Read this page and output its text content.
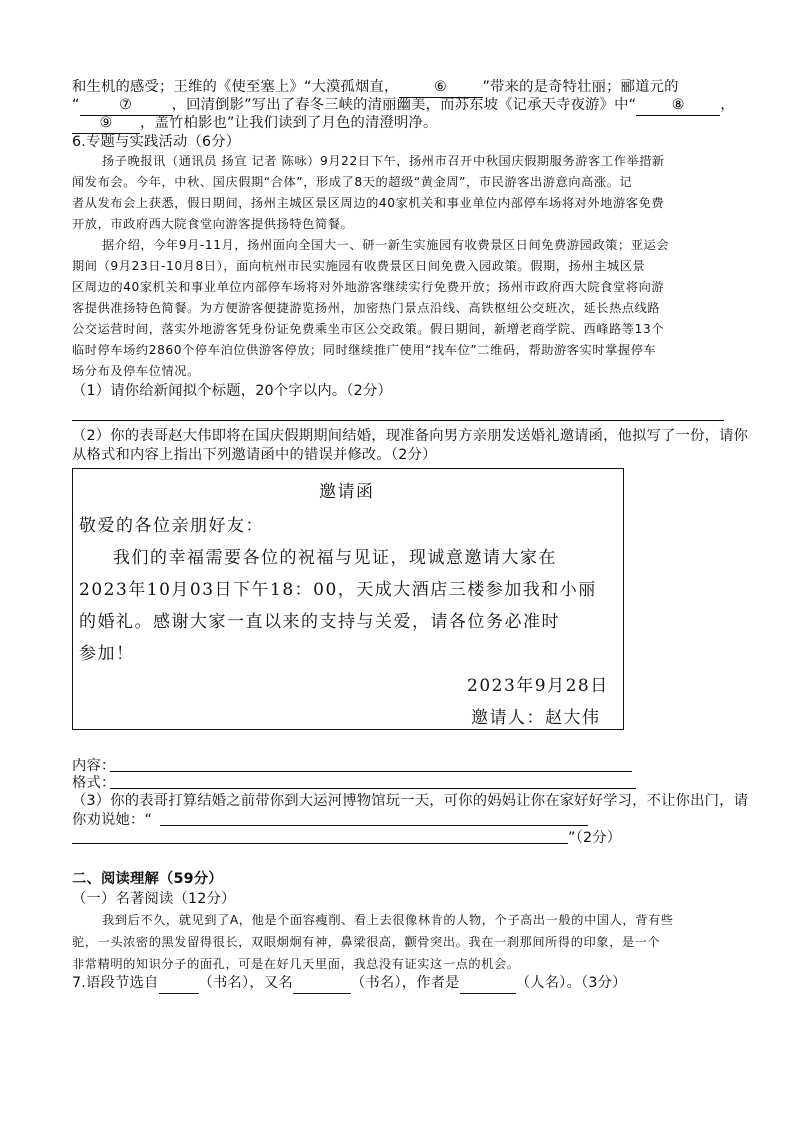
和生机的感受；王维的《使至塞上》“大漠孤烟直， ⑥ ”带来的是奇特壮丽；郦道元的
“	⑦	，回清倒影”写出了春冬三峡的清丽幽美，而苏东坡《记承天寺夜游》中“ ⑧ ，
⑨ ，盖竹柏影也”让我们读到了月色的清澄明净。
6.专题与实践活动（6分）
扬子晚报讯（通讯员 扬宣 记者 陈咏）9月22日下午，扬州市召开中秋国庆假期服务游客工作举措新
闻发布会。今年，中秋、国庆假期“合体”，形成了8天的超级“黄金周”，市民游客出游意向高涨。记
者从发布会上获悉，假日期间，扬州主城区景区周边的40家机关和事业单位内部停车场将对外地游客免费
开放，市政府西大院食堂向游客提供扬特色简餐。
据介绍，今年9月-11月，扬州面向全国大一、研一新生实施园有收费景区日间免费游园政策；亚运会
期间（9月23日-10月8日），面向杭州市民实施园有收费景区日间免费入园政策。假期，扬州主城区景
区周边的40家机关和事业单位内部停车场将对外地游客继续实行免费开放；扬州市政府西大院食堂将向游
客提供准扬特色简餐。为方便游客便捷游览扬州，加密热门景点沿线、高铁枢纽公交班次，延长热点线路
公交运营时间，落实外地游客凭身份证免费乘坐市区公交政策。假日期间，新增老商学院、西峰路等13个
临时停车场约2860个停车泊位供游客停放；同时继续推广使用“找车位”二维码，帮助游客实时掌握停车
场分布及停车位情况。
（1）请你给新闻拟个标题，20个字以内。（2分）
（2）你的表哥赵大伟即将在国庆假期期间结婚，现准备向男方亲朋发送婚礼邀请函，他拟写了一份，请你
从格式和内容上指出下列邀请函中的错误并修改。（2分）
邀请函
敬爱的各位亲朋好友：
我们的幸福需要各位的祝福与见证，现诚意邀请大家在
2023年10月03日下午18：00，天成大酒店三楼参加我和小丽
的婚礼。感谢大家一直以来的支持与关爱，请各位务必准时
参加！
2023年9月28日
邀请人：赵大伟
内容：
格式：
（3）你的表哥打算结婚之前带你到大运河博物馆玩一天，可你的妈妈让你在家好好学习，不让你出门，请
你劝说她：“
”（2分）
二、阅读理解（59分）
（一）名著阅读（12分）
我到后不久，就见到了A，他是个面容瘦削、看上去很像林肯的人物，个子高出一般的中国人，背有些
驼，一头浓密的黑发留得很长，双眼炯炯有神，鼻梁很高，颧骨突出。我在一刹那间所得的印象，是一个
非常精明的知识分子的面孔，可是在好几天里面，我总没有证实这一点的机会。
7.语段节选自	（书名），又名	（书名），作者是	（人名）。（3分）
